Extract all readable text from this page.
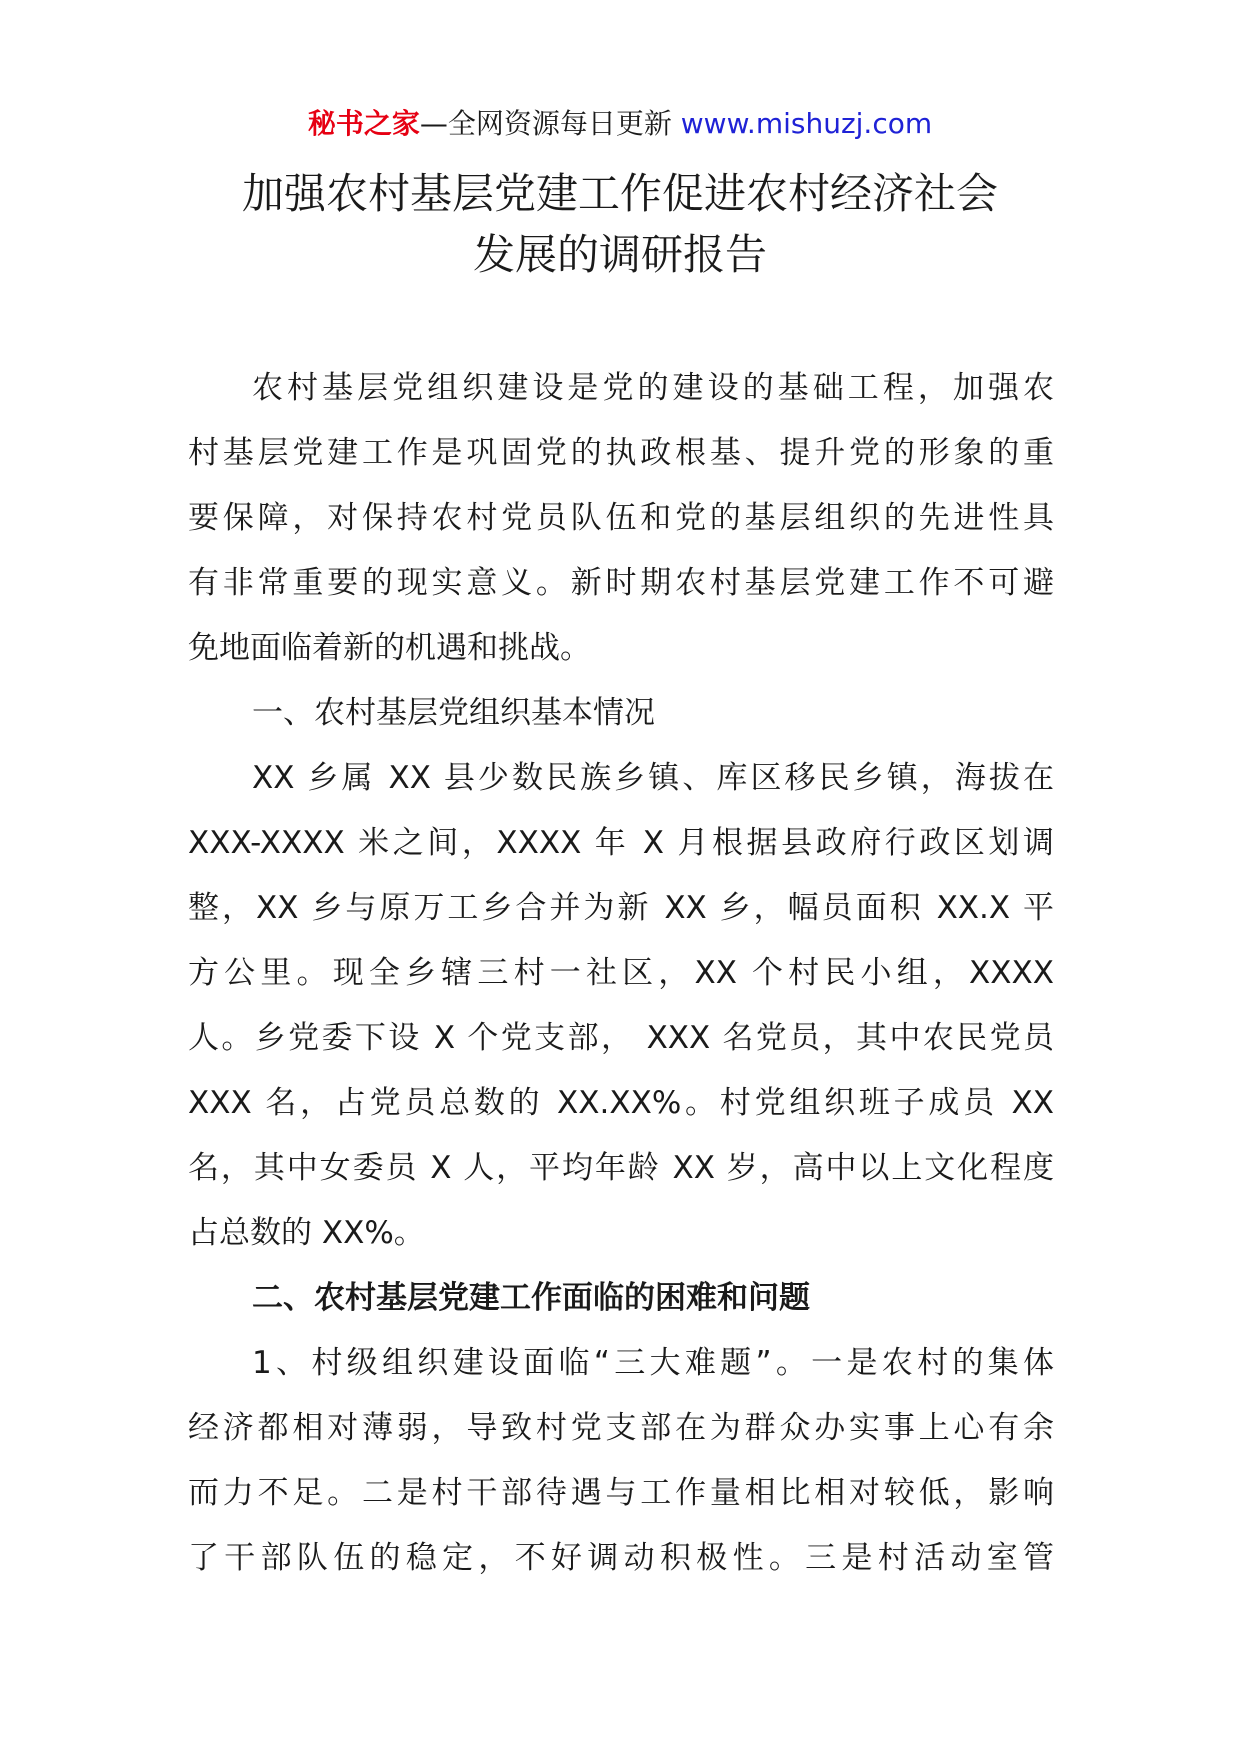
秘书之家—全网资源每日更新 www.mishuzj.com
加强农村基层党建工作促进农村经济社会
发展的调研报告
农村基层党组织建设是党的建设的基础工程，加强农
村基层党建工作是巩固党的执政根基、提升党的形象的重
要保障，对保持农村党员队伍和党的基层组织的先进性具
有非常重要的现实意义。新时期农村基层党建工作不可避
免地面临着新的机遇和挑战。
一、农村基层党组织基本情况
XX 乡属 XX 县少数民族乡镇、库区移民乡镇，海拔在
XXX-XXXX 米之间，XXXX 年 X 月根据县政府行政区划调
整，XX 乡与原万工乡合并为新 XX 乡，幅员面积 XX.X 平
方公里。现全乡辖三村一社区，XX 个村民小组，XXXX
人。乡党委下设 X 个党支部， XXX 名党员，其中农民党员
XXX 名，占党员总数的 XX.XX%。村党组织班子成员 XX
名，其中女委员 X 人，平均年龄 XX 岁，高中以上文化程度
占总数的 XX%。
二、农村基层党建工作面临的困难和问题
1、村级组织建设面临“三大难题”。一是农村的集体
经济都相对薄弱，导致村党支部在为群众办实事上心有余
而力不足。二是村干部待遇与工作量相比相对较低，影响
了干部队伍的稳定，不好调动积极性。三是村活动室管
